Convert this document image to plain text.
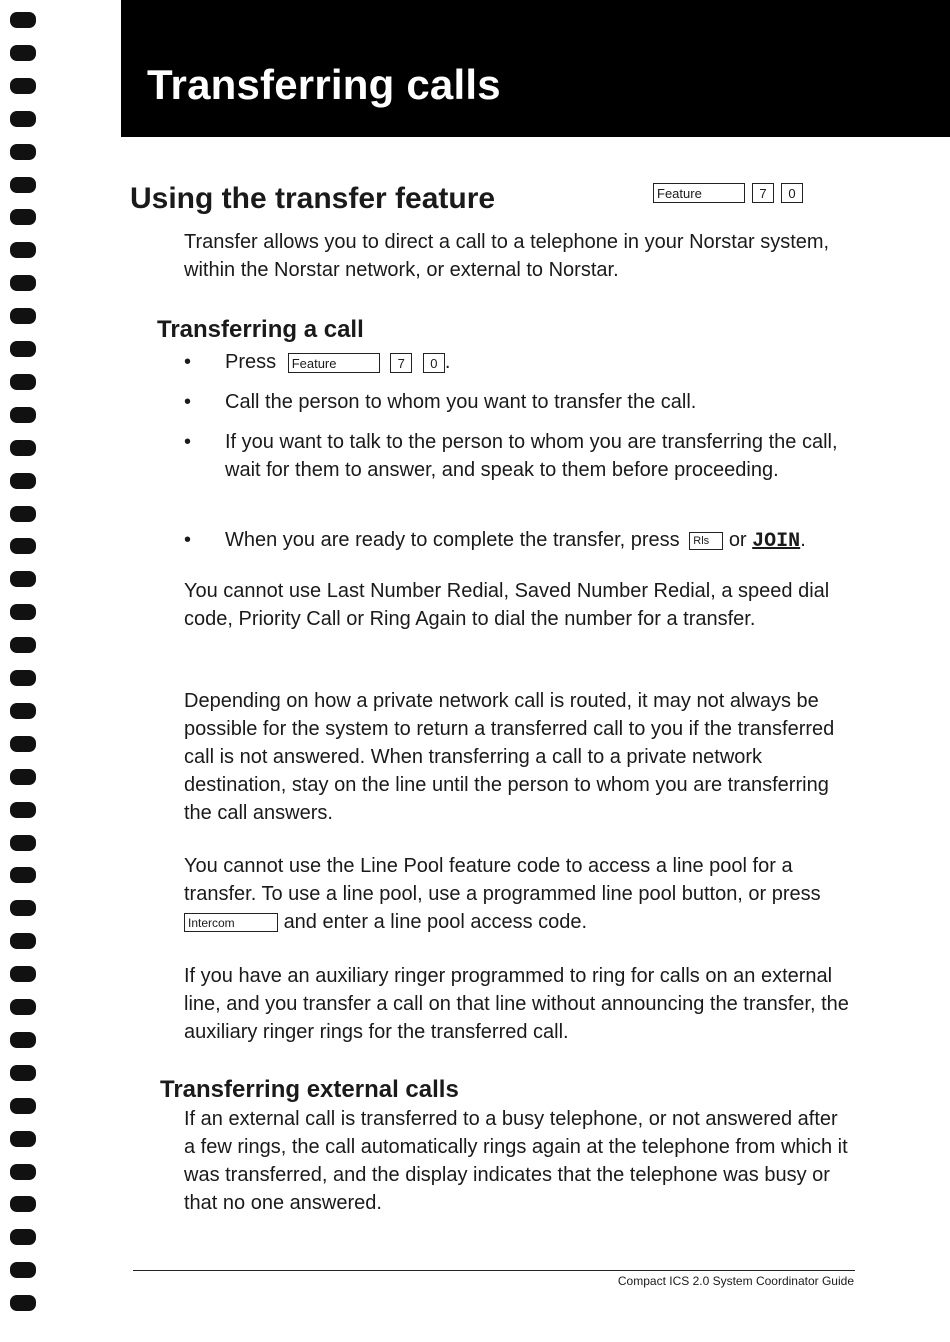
Transferring calls
Using the transfer feature	Feature	7	0

Transfer allows you to direct a call to a telephone in your Norstar system, within the Norstar network, or external to Norstar.

Transferring a call
• Press Feature	7 0 .
• Call the person to whom you want to transfer the call.
• If you want to talk to the person to whom you are transferring the call, wait for them to answer, and speak to them before proceeding.
• When you are ready to complete the transfer, press Rls or JOIN.

You cannot use Last Number Redial, Saved Number Redial, a speed dial code, Priority Call or Ring Again to dial the number for a transfer.

Depending on how a private network call is routed, it may not always be possible for the system to return a transferred call to you if the transferred call is not answered. When transferring a call to a private network destination, stay on the line until the person to whom you are transferring the call answers.

You cannot use the Line Pool feature code to access a line pool for a transfer. To use a line pool, use a programmed line pool button, or press Intercom and enter a line pool access code.

If you have an auxiliary ringer programmed to ring for calls on an external line, and you transfer a call on that line without announcing the transfer, the auxiliary ringer rings for the transferred call.

Transferring external calls

If an external call is transferred to a busy telephone, or not answered after a few rings, the call automatically rings again at the telephone from which it was transferred, and the display indicates that the telephone was busy or that no one answered.

Compact ICS 2.0 System Coordinator Guide
